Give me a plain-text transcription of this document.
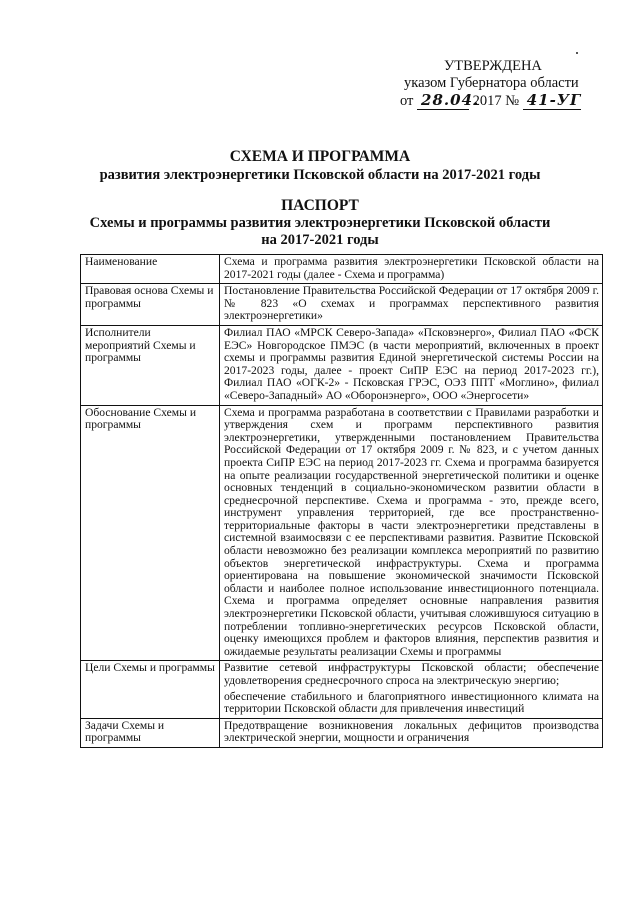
УТВЕРЖДЕНА
указом Губернатора области
от 28.04. 2017 № 41-УГ
СХЕМА И ПРОГРАММА
развития электроэнергетики Псковской области на 2017-2021 годы
ПАСПОРТ
Схемы и программы развития электроэнергетики Псковской области
на 2017-2021 годы
Наименование	Схема и программа развития электроэнергетики Псковской области на 2017-2021 годы (далее - Схема и программа)

Правовая основа Схемы и программы	Постановление Правительства Российской Федерации от 17 октября 2009 г. № 823 «О схемах и программах перспективного развития электроэнергетики»

Исполнители мероприятий Схемы и программы	Филиал ПАО «МРСК Северо-Запада» «Псковэнерго», Филиал ПАО «ФСК ЕЭС» Новгородское ПМЭС (в части мероприятий, включенных в проект схемы и программы развития Единой энергетической системы России на 2017-2023 годы, далее - проект СиПР ЕЭС на период 2017-2023 гг.), Филиал ПАО «ОГК-2» - Псковская ГРЭС, ОЭЗ ППТ «Моглино», филиал «Северо-Западный» АО «Оборонэнерго», ООО «Энергосети»

Обоснование Схемы и программы	Схема и программа разработана в соответствии с Правилами разработки и утверждения схем и программ перспективного развития электроэнергетики, утвержденными постановлением Правительства Российской Федерации от 17 октября 2009 г. № 823, и с учетом данных проекта СиПР ЕЭС на период 2017-2023 гг. Схема и программа базируется на опыте реализации государственной энергетической политики и оценке основных тенденций в социально-экономическом развитии области в среднесрочной перспективе. Схема и программа - это, прежде всего, инструмент управления территорией, где все пространственно-территориальные факторы в части электроэнергетики представлены в системной взаимосвязи с ее перспективами развития. Развитие Псковской области невозможно без реализации комплекса мероприятий по развитию объектов энергетической инфраструктуры. Схема и программа ориентирована на повышение экономической значимости Псковской области и наиболее полное использование инвестиционного потенциала. Схема и программа определяет основные направления развития электроэнергетики Псковской области, учитывая сложившуюся ситуацию в потреблении топливно-энергетических ресурсов Псковской области, оценку имеющихся проблем и факторов влияния, перспектив развития и ожидаемые результаты реализации Схемы и программы

Цели Схемы и программы	Развитие сетевой инфраструктуры Псковской области; обеспечение удовлетворения среднесрочного спроса на электрическую энергию;

обеспечение стабильного и благоприятного инвестиционного климата на территории Псковской области для привлечения инвестиций

Задачи Схемы и программы	Предотвращение возникновения локальных дефицитов производства электрической энергии, мощности и ограничения
